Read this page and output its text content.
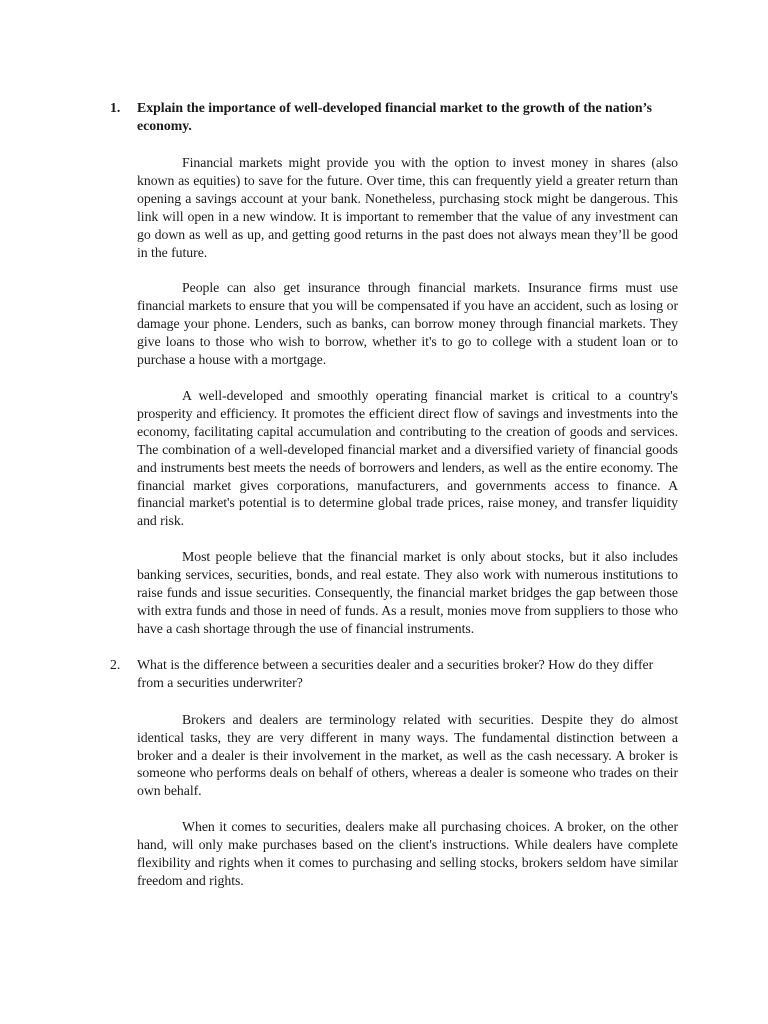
1.	Explain the importance of well-developed financial market to the growth of the nation’s economy.

Financial markets might provide you with the option to invest money in shares (also known as equities) to save for the future. Over time, this can frequently yield a greater return than opening a savings account at your bank. Nonetheless, purchasing stock might be dangerous. This link will open in a new window. It is important to remember that the value of any investment can go down as well as up, and getting good returns in the past does not always mean they’ll be good in the future.

People can also get insurance through financial markets. Insurance firms must use financial markets to ensure that you will be compensated if you have an accident, such as losing or damage your phone. Lenders, such as banks, can borrow money through financial markets. They give loans to those who wish to borrow, whether it's to go to college with a student loan or to purchase a house with a mortgage.

A well-developed and smoothly operating financial market is critical to a country's prosperity and efficiency. It promotes the efficient direct flow of savings and investments into the economy, facilitating capital accumulation and contributing to the creation of goods and services. The combination of a well-developed financial market and a diversified variety of financial goods and instruments best meets the needs of borrowers and lenders, as well as the entire economy. The financial market gives corporations, manufacturers, and governments access to finance. A financial market's potential is to determine global trade prices, raise money, and transfer liquidity and risk.

Most people believe that the financial market is only about stocks, but it also includes banking services, securities, bonds, and real estate. They also work with numerous institutions to raise funds and issue securities. Consequently, the financial market bridges the gap between those with extra funds and those in need of funds. As a result, monies move from suppliers to those who have a cash shortage through the use of financial instruments.

2.	What is the difference between a securities dealer and a securities broker? How do they differ from a securities underwriter?

Brokers and dealers are terminology related with securities. Despite they do almost identical tasks, they are very different in many ways. The fundamental distinction between a broker and a dealer is their involvement in the market, as well as the cash necessary. A broker is someone who performs deals on behalf of others, whereas a dealer is someone who trades on their own behalf.

When it comes to securities, dealers make all purchasing choices. A broker, on the other hand, will only make purchases based on the client's instructions. While dealers have complete flexibility and rights when it comes to purchasing and selling stocks, brokers seldom have similar freedom and rights.
